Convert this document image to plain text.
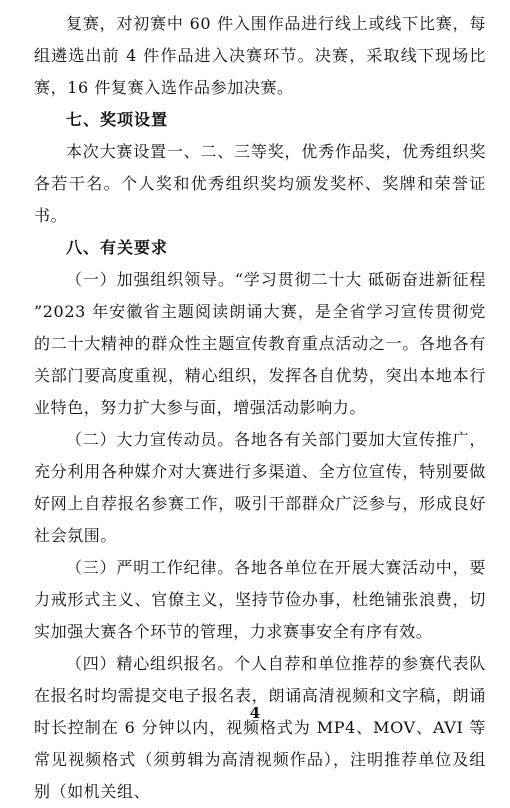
复赛，对初赛中 60 件入围作品进行线上或线下比赛，每组遴选出前 4 件作品进入决赛环节。决赛，采取线下现场比赛，16 件复赛入选作品参加决赛。

七、奖项设置

本次大赛设置一、二、三等奖，优秀作品奖，优秀组织奖各若干名。个人奖和优秀组织奖均颁发奖杯、奖牌和荣誉证书。

八、有关要求

（一）加强组织领导。“学习贯彻二十大 砥砺奋进新征程 ”2023 年安徽省主题阅读朗诵大赛，是全省学习宣传贯彻党的二十大精神的群众性主题宣传教育重点活动之一。各地各有关部门要高度重视，精心组织，发挥各自优势，突出本地本行业特色，努力扩大参与面，增强活动影响力。

（二）大力宣传动员。各地各有关部门要加大宣传推广，充分利用各种媒介对大赛进行多渠道、全方位宣传，特别要做好网上自荐报名参赛工作，吸引干部群众广泛参与，形成良好社会氛围。

（三）严明工作纪律。各地各单位在开展大赛活动中，要力戒形式主义、官僚主义，坚持节俭办事，杜绝铺张浪费，切实加强大赛各个环节的管理，力求赛事安全有序有效。

（四）精心组织报名。个人自荐和单位推荐的参赛代表队在报名时均需提交电子报名表，朗诵高清视频和文字稿，朗诵时长控制在 6 分钟以内，视频格式为 MP4、MOV、AVI 等常见视频格式（须剪辑为高清视频作品），注明推荐单位及组别（如机关组、

4
